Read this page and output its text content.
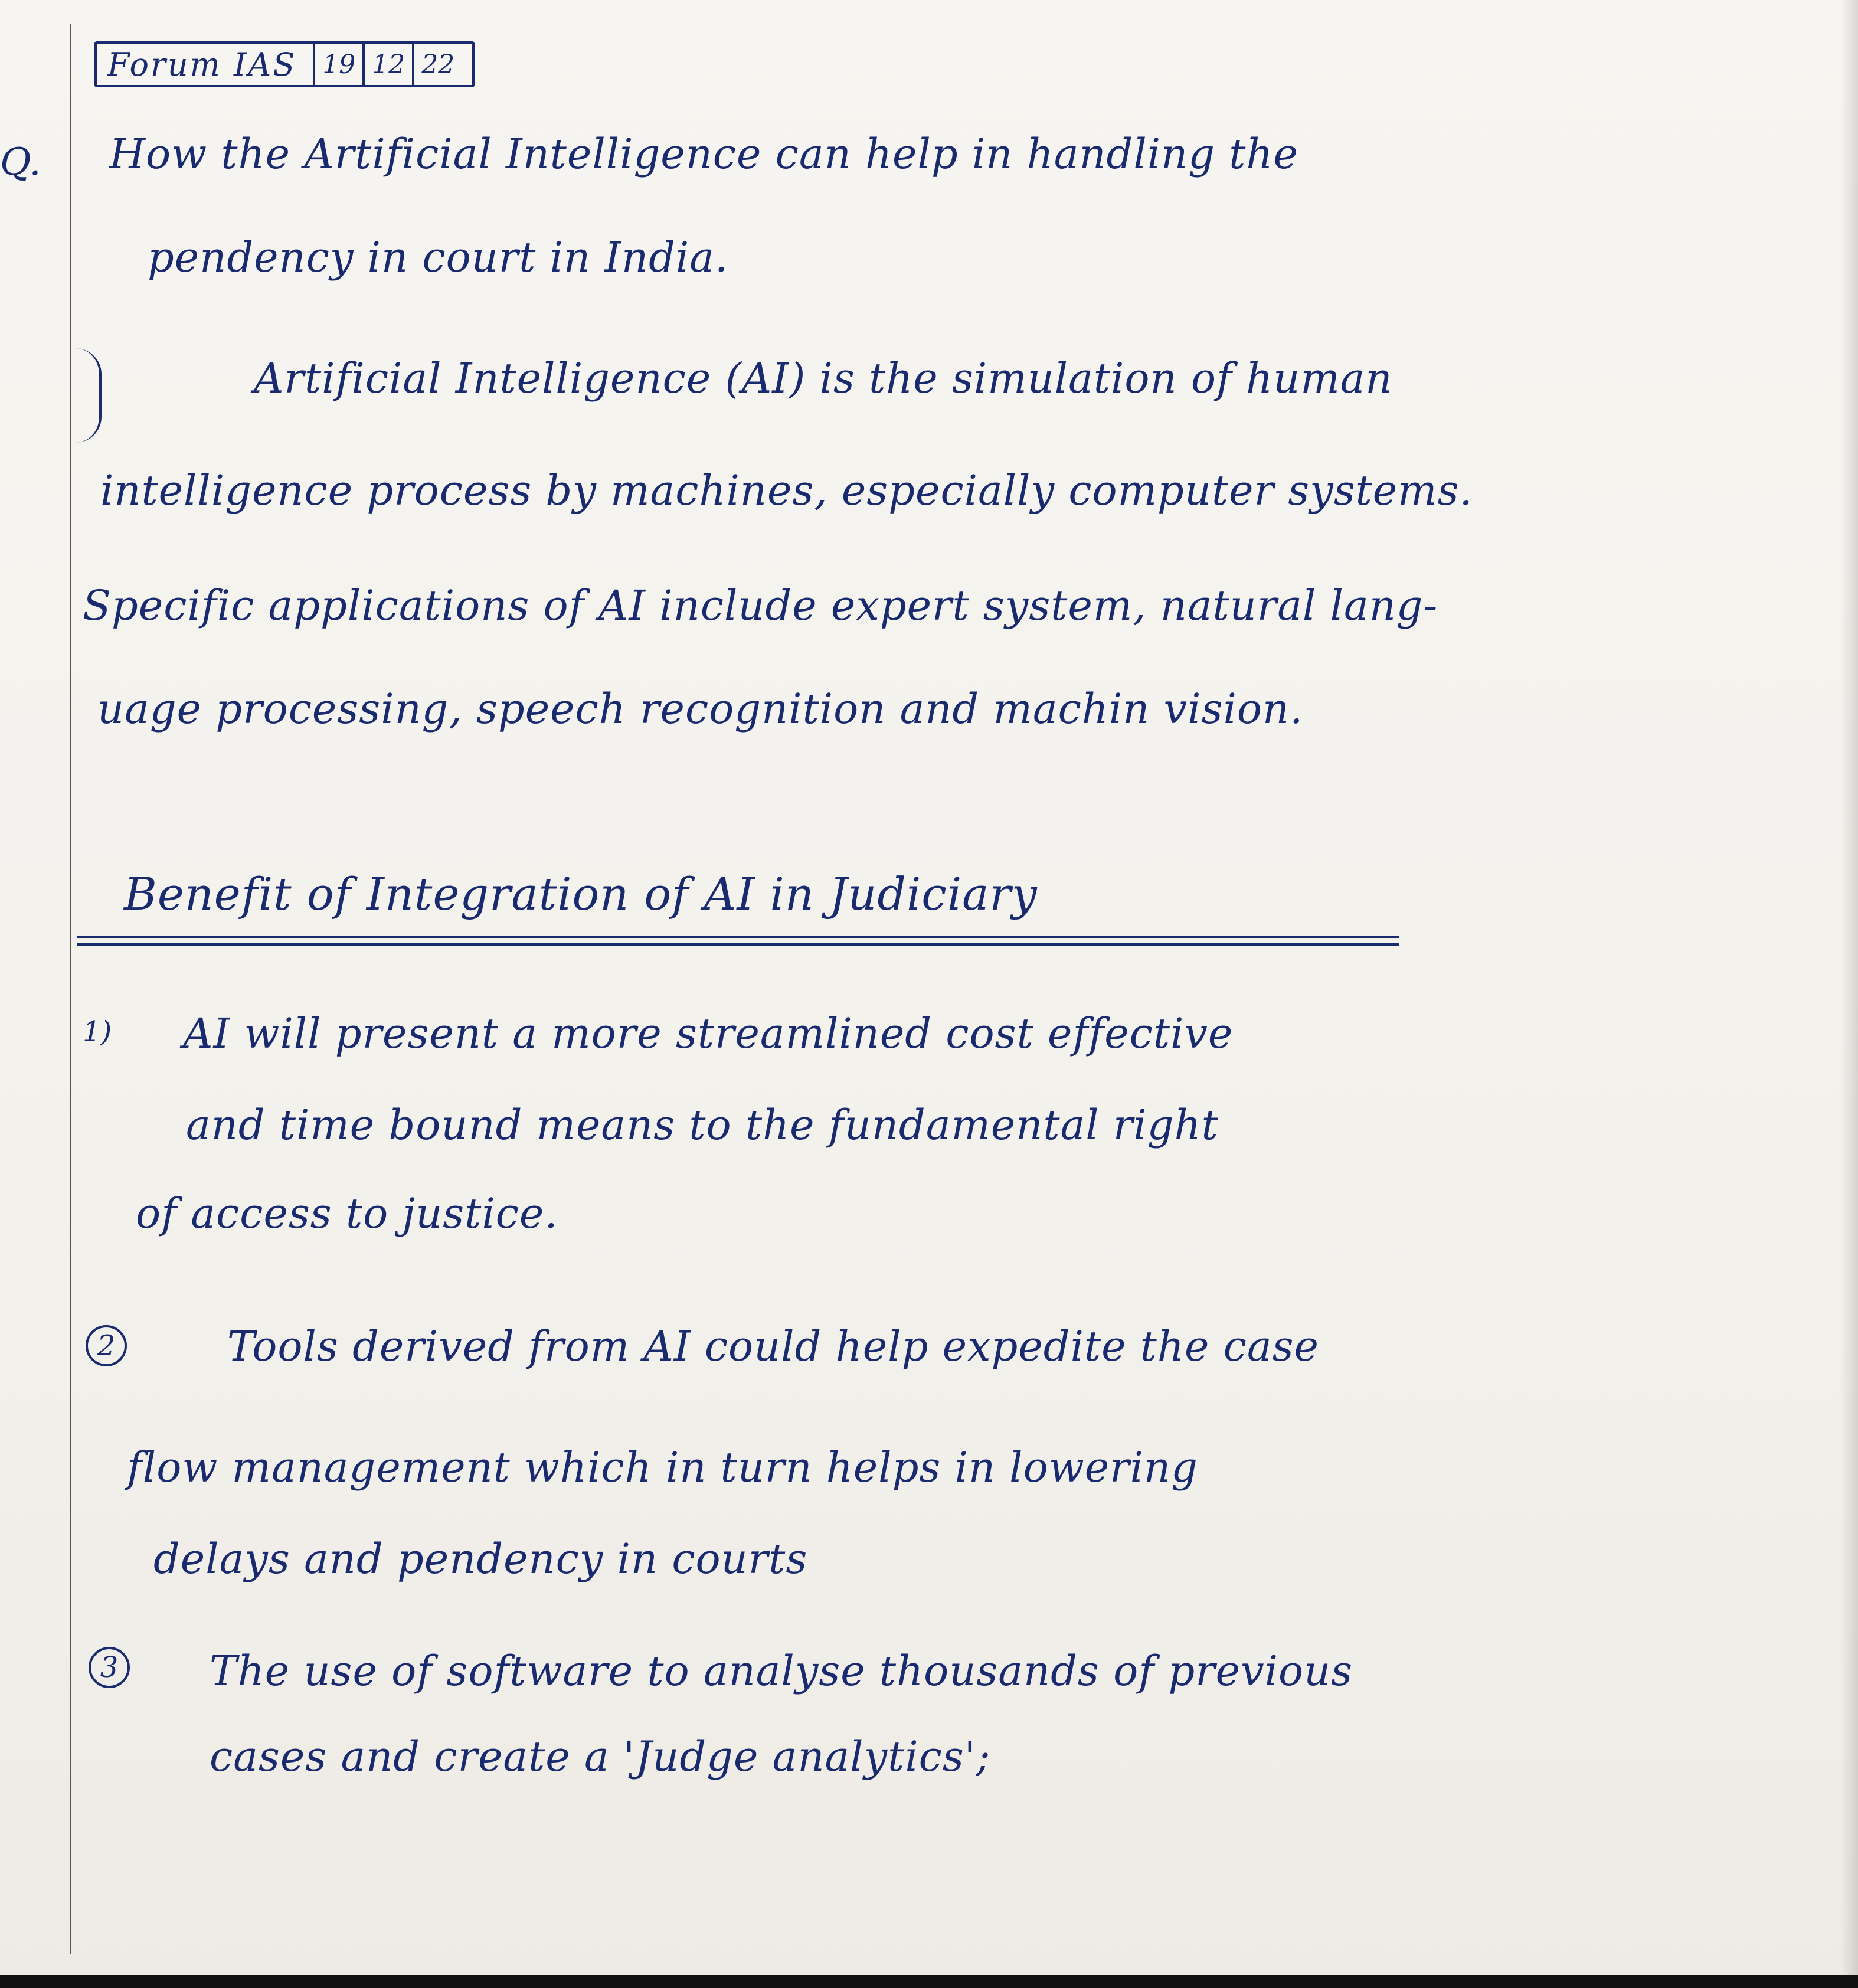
Forum IAS	19 12 22
Q. How the Artificial Intelligence can help in handling the
pendency in court in India.
Artificial Intelligence (AI) is the simulation of human
intelligence process by machines, especially computer systems.
Specific applications of AI include expert system, natural lang-
uage processing, speech recognition and machin vision.
Benefit of Integration of AI in Judiciary
1) AI will present a more streamlined cost effective
and time bound means to the fundamental right
of access to justice.
2	Tools derived from AI could help expedite the case
flow management which in turn helps in lowering
delays and pendency in courts
3 The use of software to analyse thousands of previous
cases and create a 'Judge analytics';
